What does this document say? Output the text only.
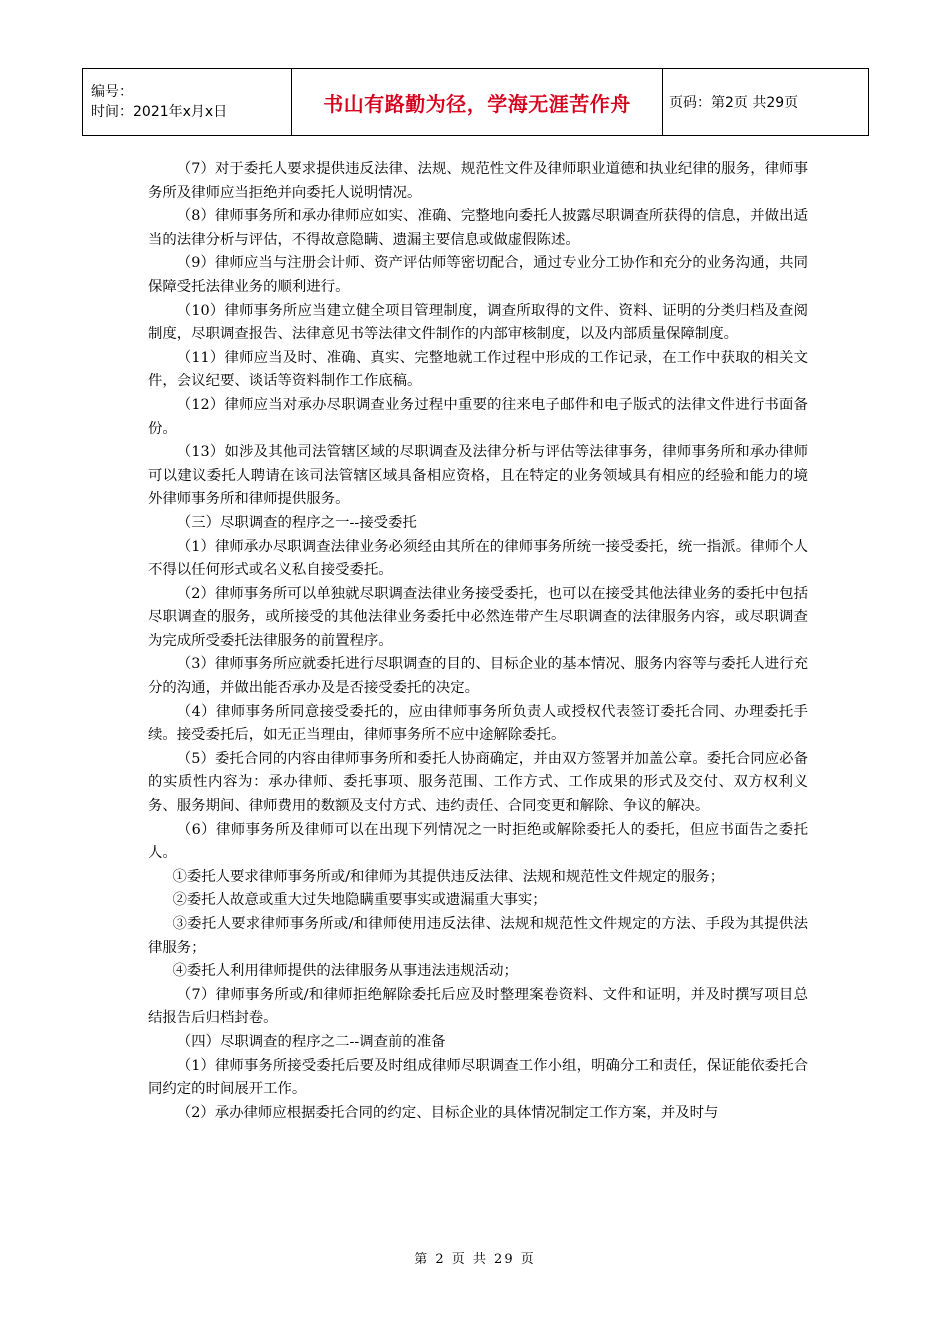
编号：
时间：2021年x月x日	书山有路勤为径，学海无涯苦作舟	页码：第2页 共29页

（7）对于委托人要求提供违反法律、法规、规范性文件及律师职业道德和执业纪律的服务，律师事务所及律师应当拒绝并向委托人说明情况。

（8）律师事务所和承办律师应如实、准确、完整地向委托人披露尽职调查所获得的信息，并做出适当的法律分析与评估，不得故意隐瞒、遗漏主要信息或做虚假陈述。

（9）律师应当与注册会计师、资产评估师等密切配合，通过专业分工协作和充分的业务沟通，共同保障受托法律业务的顺利进行。

（10）律师事务所应当建立健全项目管理制度，调查所取得的文件、资料、证明的分类归档及查阅制度，尽职调查报告、法律意见书等法律文件制作的内部审核制度，以及内部质量保障制度。

（11）律师应当及时、准确、真实、完整地就工作过程中形成的工作记录，在工作中获取的相关文件，会议纪要、谈话等资料制作工作底稿。

（12）律师应当对承办尽职调查业务过程中重要的往来电子邮件和电子版式的法律文件进行书面备份。

（13）如涉及其他司法管辖区域的尽职调查及法律分析与评估等法律事务，律师事务所和承办律师可以建议委托人聘请在该司法管辖区域具备相应资格，且在特定的业务领域具有相应的经验和能力的境外律师事务所和律师提供服务。

（三）尽职调查的程序之一--接受委托

（1）律师承办尽职调查法律业务必须经由其所在的律师事务所统一接受委托，统一指派。律师个人不得以任何形式或名义私自接受委托。

（2）律师事务所可以单独就尽职调查法律业务接受委托，也可以在接受其他法律业务的委托中包括尽职调查的服务，或所接受的其他法律业务委托中必然连带产生尽职调查的法律服务内容，或尽职调查为完成所受委托法律服务的前置程序。

（3）律师事务所应就委托进行尽职调查的目的、目标企业的基本情况、服务内容等与委托人进行充分的沟通，并做出能否承办及是否接受委托的决定。

（4）律师事务所同意接受委托的，应由律师事务所负责人或授权代表签订委托合同、办理委托手续。接受委托后，如无正当理由，律师事务所不应中途解除委托。

（5）委托合同的内容由律师事务所和委托人协商确定，并由双方签署并加盖公章。委托合同应必备的实质性内容为：承办律师、委托事项、服务范围、工作方式、工作成果的形式及交付、双方权利义务、服务期间、律师费用的数额及支付方式、违约责任、合同变更和解除、争议的解决。

（6）律师事务所及律师可以在出现下列情况之一时拒绝或解除委托人的委托，但应书面告之委托人。

①委托人要求律师事务所或/和律师为其提供违反法律、法规和规范性文件规定的服务；

②委托人故意或重大过失地隐瞒重要事实或遗漏重大事实；

③委托人要求律师事务所或/和律师使用违反法律、法规和规范性文件规定的方法、手段为其提供法律服务；

④委托人利用律师提供的法律服务从事违法违规活动；

（7）律师事务所或/和律师拒绝解除委托后应及时整理案卷资料、文件和证明，并及时撰写项目总结报告后归档封卷。

（四）尽职调查的程序之二--调查前的准备

（1）律师事务所接受委托后要及时组成律师尽职调查工作小组，明确分工和责任，保证能依委托合同约定的时间展开工作。

（2）承办律师应根据委托合同的约定、目标企业的具体情况制定工作方案，并及时与

第 2 页 共 29 页
